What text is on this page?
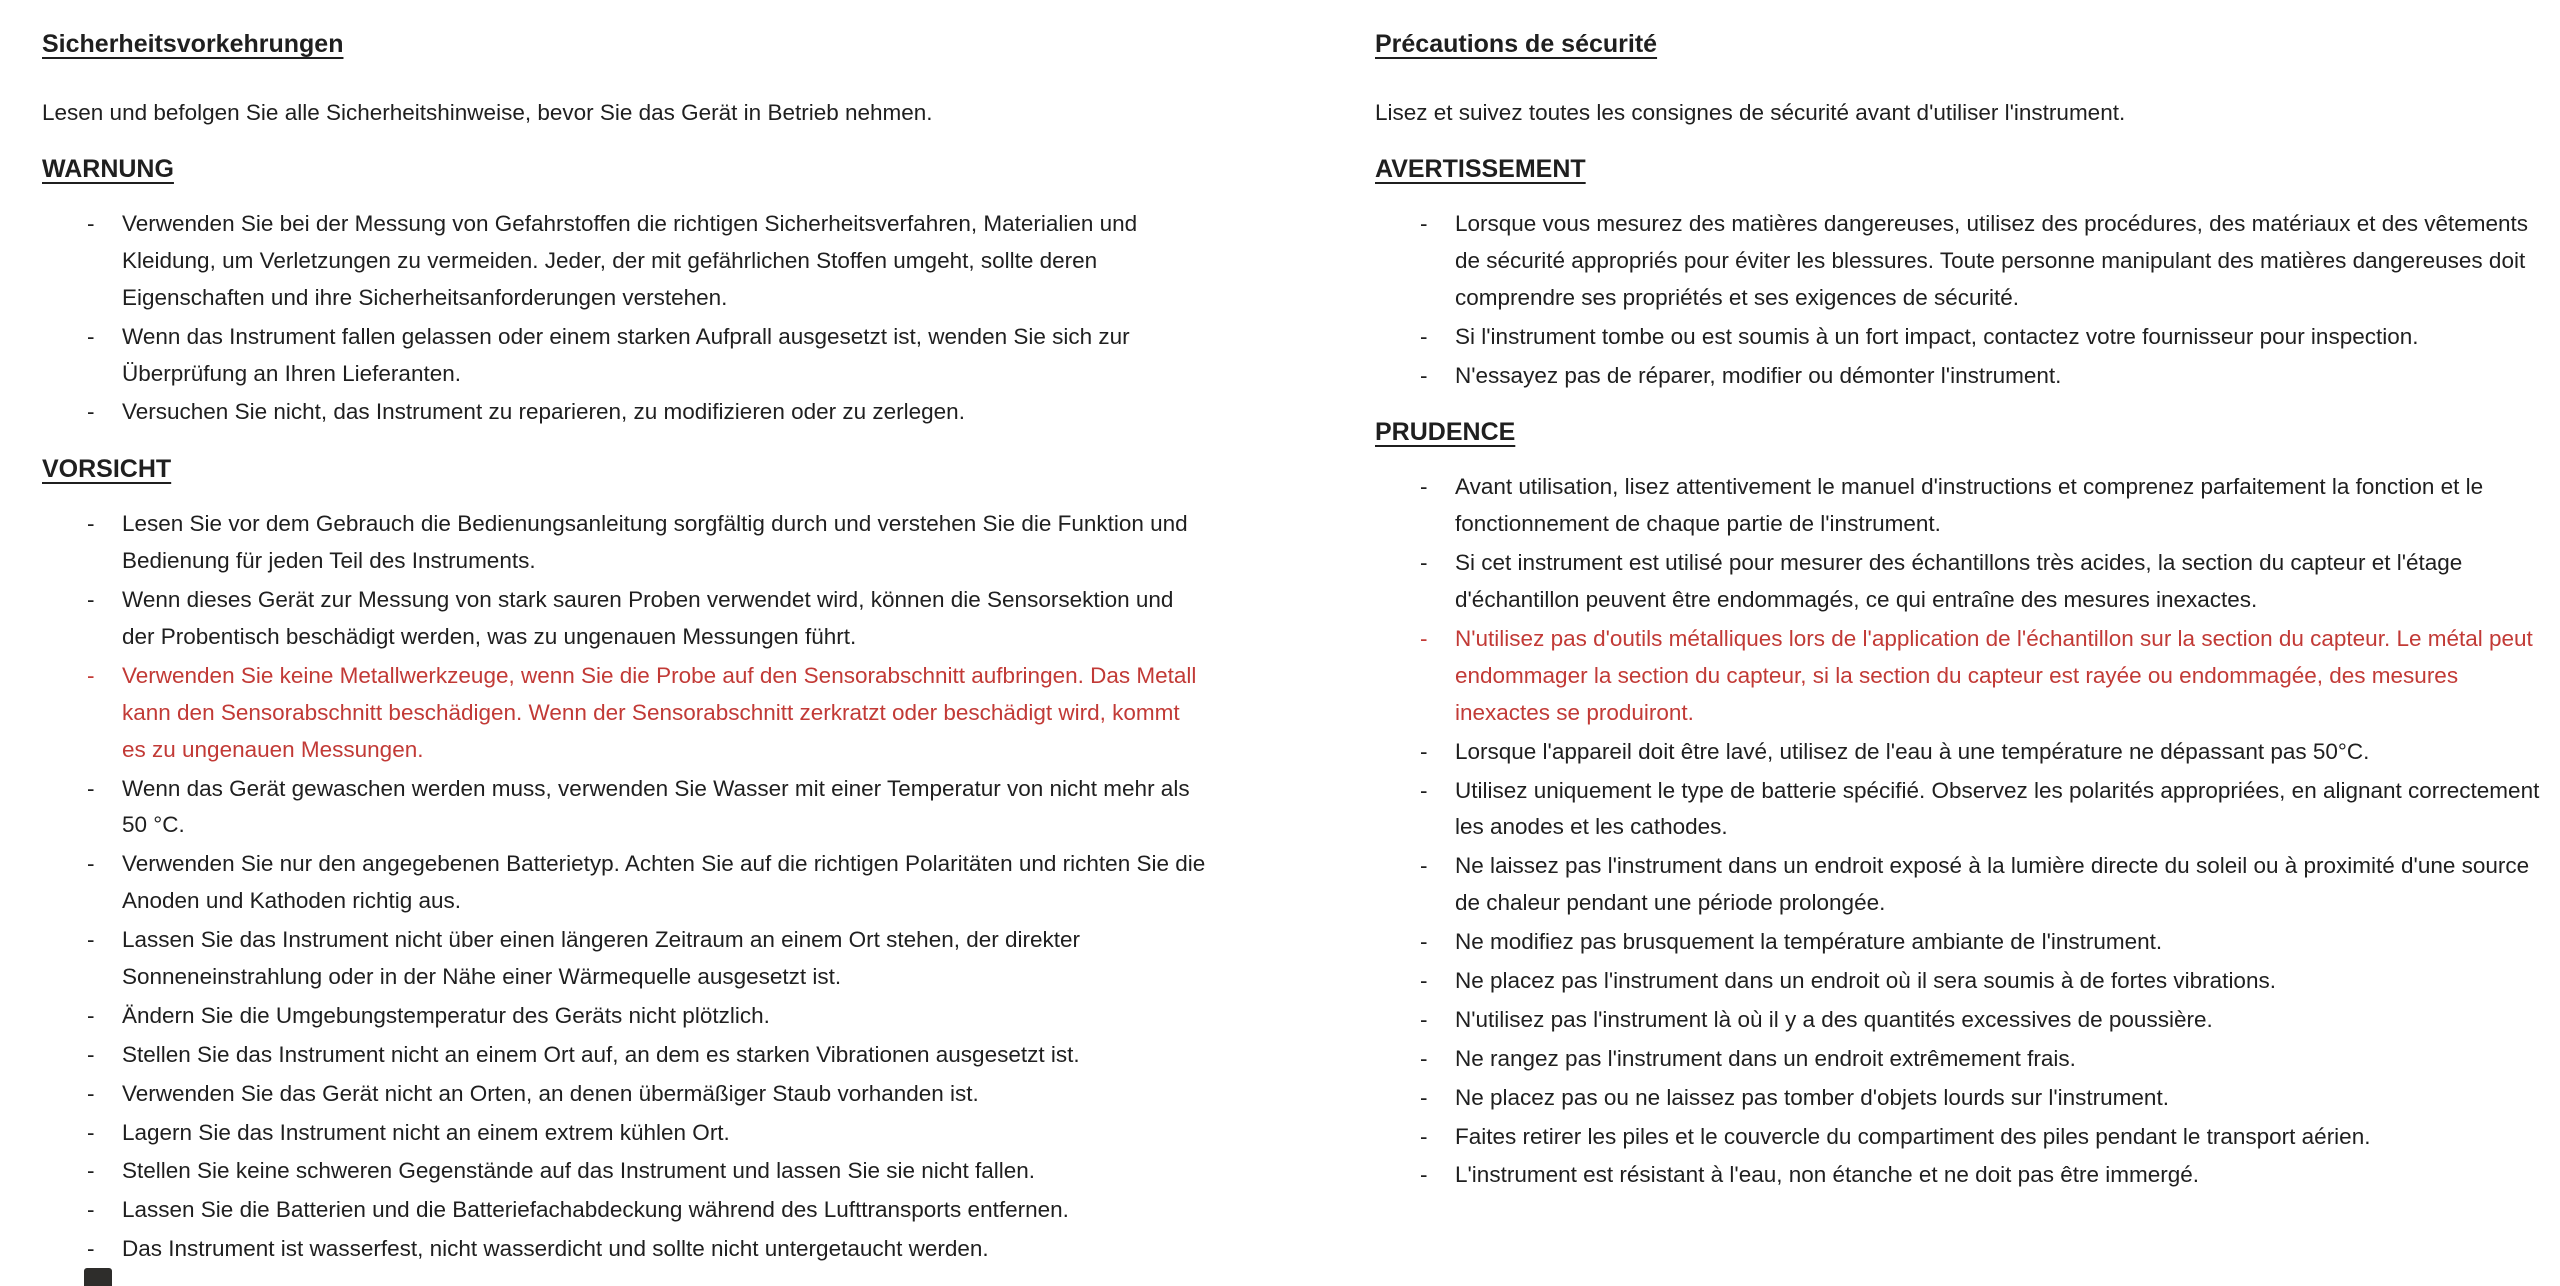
Sicherheitsvorkehrungen

Lesen und befolgen Sie alle Sicherheitshinweise, bevor Sie das Gerät in Betrieb nehmen.

WARNUNG
- Verwenden Sie bei der Messung von Gefahrstoffen die richtigen Sicherheitsverfahren, Materialien und Kleidung, um Verletzungen zu vermeiden. Jeder, der mit gefährlichen Stoffen umgeht, sollte deren Eigenschaften und ihre Sicherheitsanforderungen verstehen.
- Wenn das Instrument fallen gelassen oder einem starken Aufprall ausgesetzt ist, wenden Sie sich zur Überprüfung an Ihren Lieferanten.
- Versuchen Sie nicht, das Instrument zu reparieren, zu modifizieren oder zu zerlegen.
VORSICHT
- Lesen Sie vor dem Gebrauch die Bedienungsanleitung sorgfältig durch und verstehen Sie die Funktion und Bedienung für jeden Teil des Instruments.
- Wenn dieses Gerät zur Messung von stark sauren Proben verwendet wird, können die Sensorsektion und der Probentisch beschädigt werden, was zu ungenauen Messungen führt.
- Verwenden Sie keine Metallwerkzeuge, wenn Sie die Probe auf den Sensorabschnitt aufbringen. Das Metall kann den Sensorabschnitt beschädigen. Wenn der Sensorabschnitt zerkratzt oder beschädigt wird, kommt es zu ungenauen Messungen.
- Wenn das Gerät gewaschen werden muss, verwenden Sie Wasser mit einer Temperatur von nicht mehr als 50 °C.
- Verwenden Sie nur den angegebenen Batterietyp. Achten Sie auf die richtigen Polaritäten und richten Sie die Anoden und Kathoden richtig aus.
- Lassen Sie das Instrument nicht über einen längeren Zeitraum an einem Ort stehen, der direkter Sonneneinstrahlung oder in der Nähe einer Wärmequelle ausgesetzt ist.
- Ändern Sie die Umgebungstemperatur des Geräts nicht plötzlich.
- Stellen Sie das Instrument nicht an einem Ort auf, an dem es starken Vibrationen ausgesetzt ist.
- Verwenden Sie das Gerät nicht an Orten, an denen übermäßiger Staub vorhanden ist.
- Lagern Sie das Instrument nicht an einem extrem kühlen Ort.
- Stellen Sie keine schweren Gegenstände auf das Instrument und lassen Sie sie nicht fallen.
- Lassen Sie die Batterien und die Batteriefachabdeckung während des Lufttransports entfernen.
- Das Instrument ist wasserfest, nicht wasserdicht und sollte nicht untergetaucht werden.
Précautions de sécurité

Lisez et suivez toutes les consignes de sécurité avant d'utiliser l'instrument.

AVERTISSEMENT
- Lorsque vous mesurez des matières dangereuses, utilisez des procédures, des matériaux et des vêtements de sécurité appropriés pour éviter les blessures. Toute personne manipulant des matières dangereuses doit comprendre ses propriétés et ses exigences de sécurité.
- Si l'instrument tombe ou est soumis à un fort impact, contactez votre fournisseur pour inspection.
- N'essayez pas de réparer, modifier ou démonter l'instrument.
PRUDENCE
- Avant utilisation, lisez attentivement le manuel d'instructions et comprenez parfaitement la fonction et le fonctionnement de chaque partie de l'instrument.
- Si cet instrument est utilisé pour mesurer des échantillons très acides, la section du capteur et l'étage d'échantillon peuvent être endommagés, ce qui entraîne des mesures inexactes.
- N'utilisez pas d'outils métalliques lors de l'application de l'échantillon sur la section du capteur. Le métal peut endommager la section du capteur, si la section du capteur est rayée ou endommagée, des mesures inexactes se produiront.
- Lorsque l'appareil doit être lavé, utilisez de l'eau à une température ne dépassant pas 50°C.
- Utilisez uniquement le type de batterie spécifié. Observez les polarités appropriées, en alignant correctement les anodes et les cathodes.
- Ne laissez pas l'instrument dans un endroit exposé à la lumière directe du soleil ou à proximité d'une source de chaleur pendant une période prolongée.
- Ne modifiez pas brusquement la température ambiante de l'instrument.
- Ne placez pas l'instrument dans un endroit où il sera soumis à de fortes vibrations.
- N'utilisez pas l'instrument là où il y a des quantités excessives de poussière.
- Ne rangez pas l'instrument dans un endroit extrêmement frais.
- Ne placez pas ou ne laissez pas tomber d'objets lourds sur l'instrument.
- Faites retirer les piles et le couvercle du compartiment des piles pendant le transport aérien.
- L'instrument est résistant à l'eau, non étanche et ne doit pas être immergé.
